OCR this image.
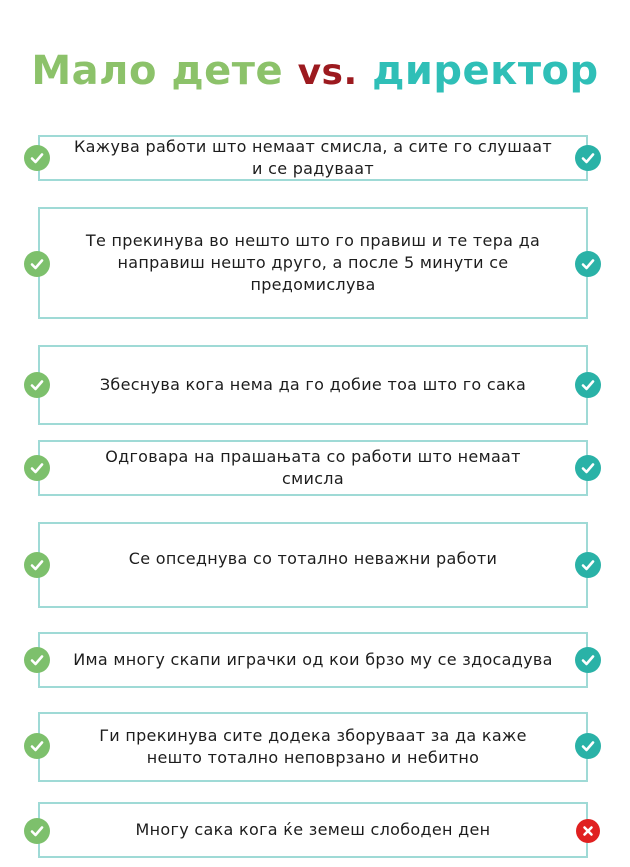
Мало дете vs. директор
Кажува работи што немаат смисла, а сите го слушаат и се радуваат
Те прекинува во нешто што го правиш и те тера да направиш нешто друго, а после 5 минути се предомислува
Збеснува кога нема да го добие тоа што го сака
Одговара на прашањата со работи што немаат смисла
Се опседнува со тотално неважни работи
Има многу скапи играчки од кои брзо му се здосадува
Ги прекинува сите додека зборуваат за да каже нешто тотално неповрзано и небитно
Многу сака кога ќе земеш слободен ден
